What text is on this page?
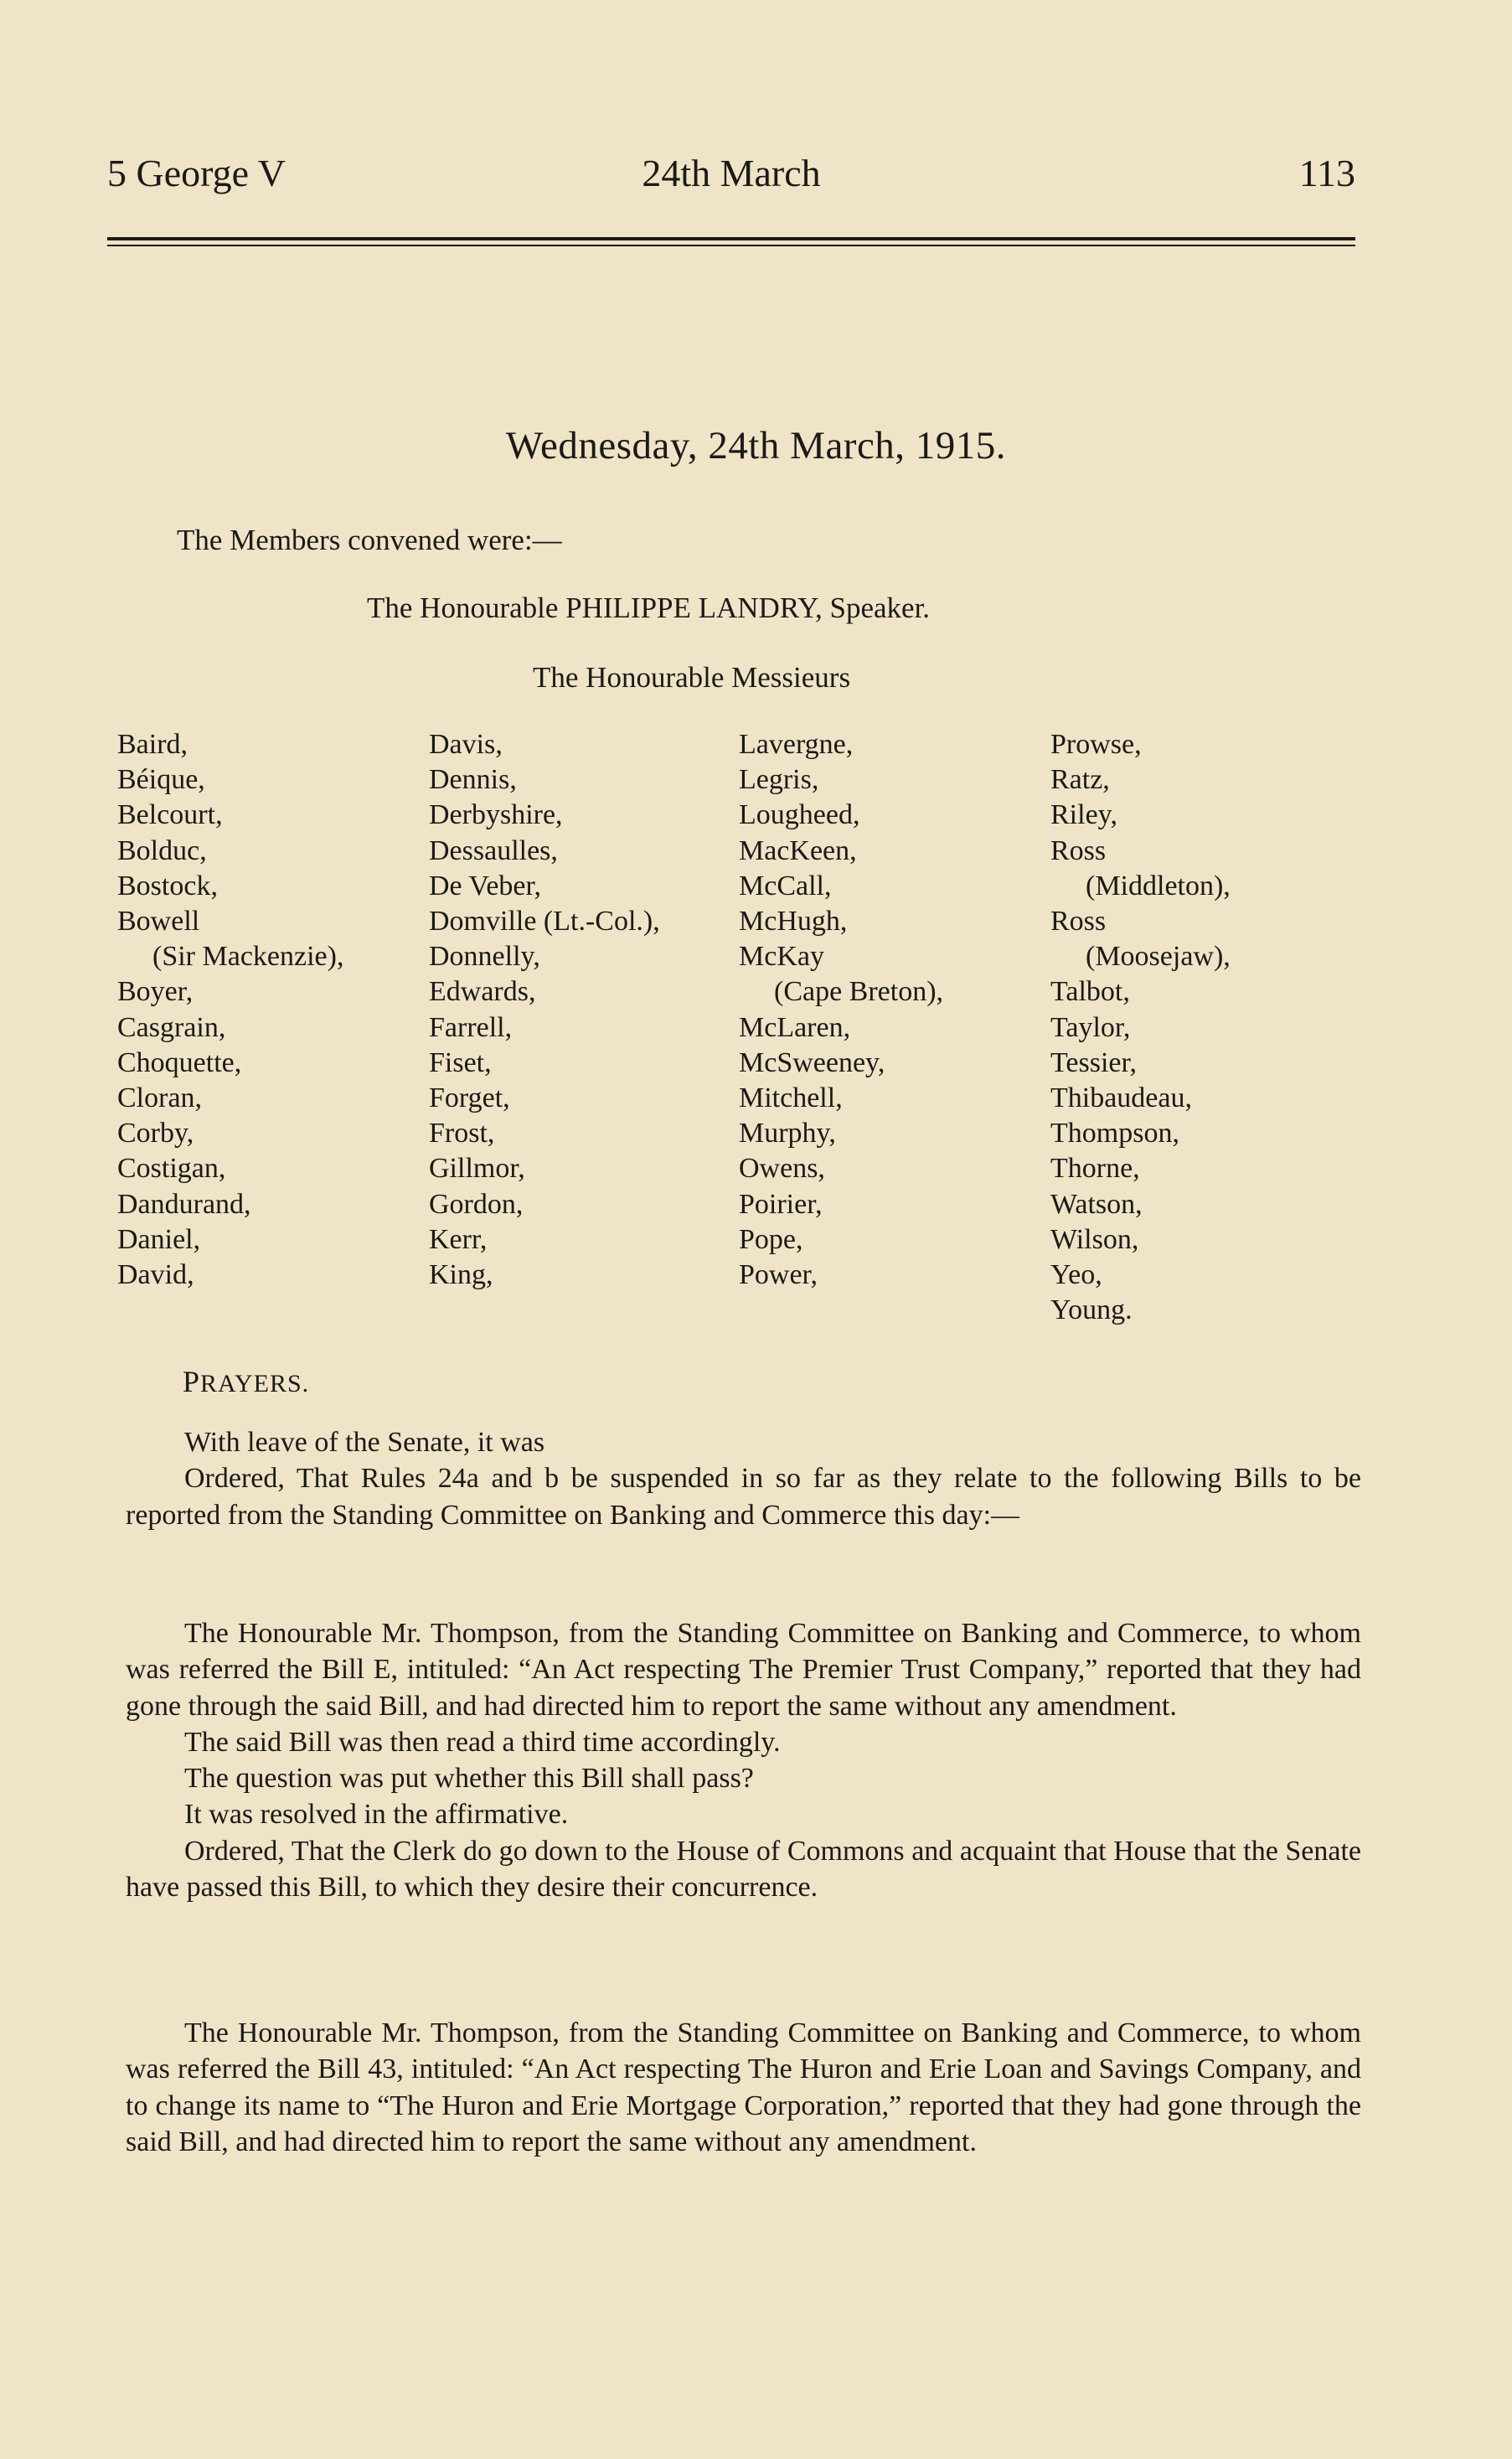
5 George V	24th March	113
Wednesday, 24th March, 1915.
The Members convened were:—
The Honourable PHILIPPE LANDRY, Speaker.
The Honourable Messieurs
Baird,
Béique,
Belcourt,
Bolduc,
Bostock,
Bowell
(Sir Mackenzie),
Boyer,
Casgrain,
Choquette,
Cloran,
Corby,
Costigan,
Dandurand,
Daniel,
David,
Davis,
Dennis,
Derbyshire,
Dessaulles,
De Veber,
Domville (Lt.-Col.),
Donnelly,
Edwards,
Farrell,
Fiset,
Forget,
Frost,
Gillmor,
Gordon,
Kerr,
King,
Lavergne,
Legris,
Lougheed,
MacKeen,
McCall,
McHugh,
McKay
(Cape Breton),
McLaren,
McSweeney,
Mitchell,
Murphy,
Owens,
Poirier,
Pope,
Power,
Prowse,
Ratz,
Riley,
Ross
(Middleton),
Ross
(Moosejaw),
Talbot,
Taylor,
Tessier,
Thibaudeau,
Thompson,
Thorne,
Watson,
Wilson,
Yeo,
Young.
PRAYERS.

With leave of the Senate, it was

Ordered, That Rules 24a and b be suspended in so far as they relate to the following Bills to be reported from the Standing Committee on Banking and Commerce this day:—

The Honourable Mr. Thompson, from the Standing Committee on Banking and Commerce, to whom was referred the Bill E, intituled: “An Act respecting The Premier Trust Company,” reported that they had gone through the said Bill, and had directed him to report the same without any amendment.

The said Bill was then read a third time accordingly.

The question was put whether this Bill shall pass?

It was resolved in the affirmative.

Ordered, That the Clerk do go down to the House of Commons and acquaint that House that the Senate have passed this Bill, to which they desire their concurrence.

The Honourable Mr. Thompson, from the Standing Committee on Banking and Commerce, to whom was referred the Bill 43, intituled: “An Act respecting The Huron and Erie Loan and Savings Company, and to change its name to “The Huron and Erie Mortgage Corporation,” reported that they had gone through the said Bill, and had directed him to report the same without any amendment.
